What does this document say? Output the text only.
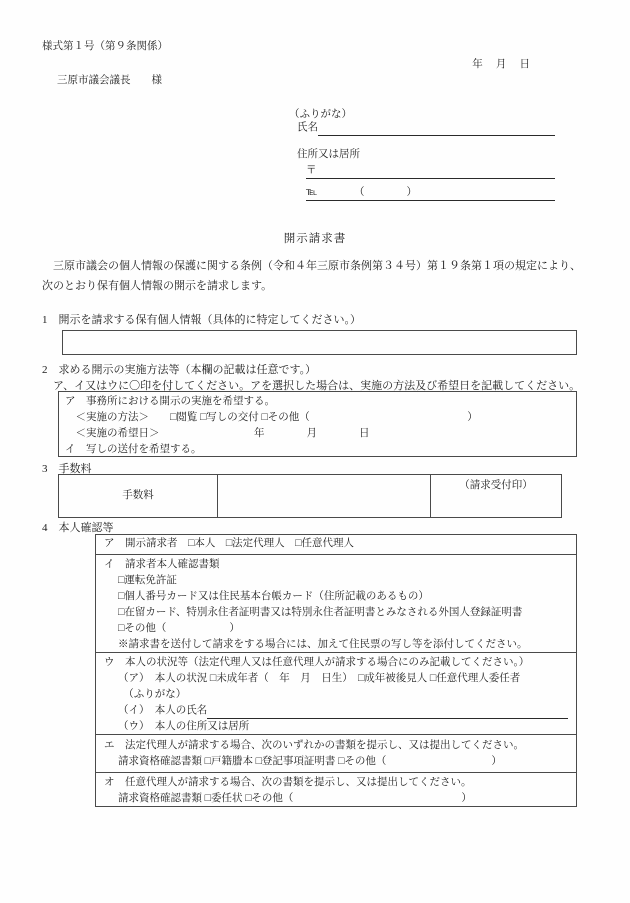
様式第１号（第９条関係）
年　 月　 日
三原市議会議長　　様
（ふりがな）
氏名
住所又は居所
〒
℡　　　　（　　　　）
開示請求書
　三原市議会の個人情報の保護に関する条例（令和４年三原市条例第３４号）第１９条第１項の規定により、
次のとおり保有個人情報の開示を請求します。
1　開示を請求する保有個人情報（具体的に特定してください。）
2　求める開示の実施方法等（本欄の記載は任意です。）
ア、イ又はウに〇印を付してください。アを選択した場合は、実施の方法及び希望日を記載してください。
ア　事務所における開示の実施を希望する。
　＜実施の方法＞　　□閲覧 □写しの交付 □その他（　　　　　　　　　　　　　　　）
　＜実施の希望日＞　　　　　　　　　年　　　　月　　　　日
イ　写しの送付を希望する。
3　手数料
手数料
（請求受付印）
4　本人確認等
ア　開示請求者　□本人　□法定代理人　□任意代理人
イ　請求者本人確認書類
□運転免許証
□個人番号カード又は住民基本台帳カード（住所記載のあるもの）
□在留カード、特別永住者証明書又は特別永住者証明書とみなされる外国人登録証明書
□その他（　　　　　　）
※請求書を送付して請求をする場合には、加えて住民票の写し等を添付してください。
ウ　本人の状況等（法定代理人又は任意代理人が請求する場合にのみ記載してください。）
（ア）　本人の状況 □未成年者（　年　月　日生）　□成年被後見人 □任意代理人委任者
　（ふりがな）
（イ）　本人の氏名
（ウ）　本人の住所又は居所
エ　法定代理人が請求する場合、次のいずれかの書類を提示し、又は提出してください。
請求資格確認書類 □戸籍謄本 □登記事項証明書 □その他（　　　　　　　　　　）
オ　任意代理人が請求する場合、次の書類を提示し、又は提出してください。
請求資格確認書類 □委任状 □その他（　　　　　　　　　　　　　　　　）
